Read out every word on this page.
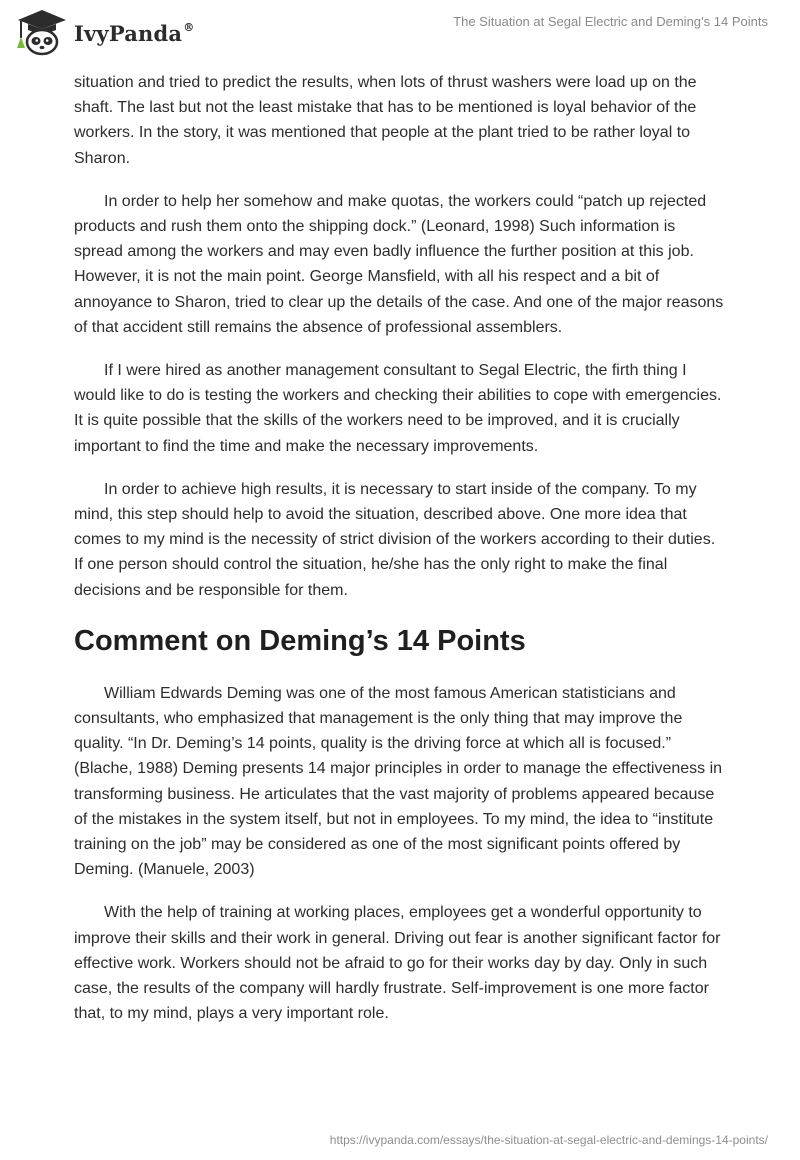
IvyPanda®	The Situation at Segal Electric and Deming’s 14 Points

situation and tried to predict the results, when lots of thrust washers were load up on the shaft. The last but not the least mistake that has to be mentioned is loyal behavior of the workers. In the story, it was mentioned that people at the plant tried to be rather loyal to Sharon.

In order to help her somehow and make quotas, the workers could “patch up rejected products and rush them onto the shipping dock.” (Leonard, 1998) Such information is spread among the workers and may even badly influence the further position at this job. However, it is not the main point. George Mansfield, with all his respect and a bit of annoyance to Sharon, tried to clear up the details of the case. And one of the major reasons of that accident still remains the absence of professional assemblers.

If I were hired as another management consultant to Segal Electric, the firth thing I would like to do is testing the workers and checking their abilities to cope with emergencies. It is quite possible that the skills of the workers need to be improved, and it is crucially important to find the time and make the necessary improvements.

In order to achieve high results, it is necessary to start inside of the company. To my mind, this step should help to avoid the situation, described above. One more idea that comes to my mind is the necessity of strict division of the workers according to their duties. If one person should control the situation, he/she has the only right to make the final decisions and be responsible for them.

Comment on Deming’s 14 Points

William Edwards Deming was one of the most famous American statisticians and consultants, who emphasized that management is the only thing that may improve the quality. “In Dr. Deming’s 14 points, quality is the driving force at which all is focused.” (Blache, 1988) Deming presents 14 major principles in order to manage the effectiveness in transforming business. He articulates that the vast majority of problems appeared because of the mistakes in the system itself, but not in employees. To my mind, the idea to “institute training on the job” may be considered as one of the most significant points offered by Deming. (Manuele, 2003)

With the help of training at working places, employees get a wonderful opportunity to improve their skills and their work in general. Driving out fear is another significant factor for effective work. Workers should not be afraid to go for their works day by day. Only in such case, the results of the company will hardly frustrate. Self-improvement is one more factor that, to my mind, plays a very important role.

https://ivypanda.com/essays/the-situation-at-segal-electric-and-demings-14-points/
